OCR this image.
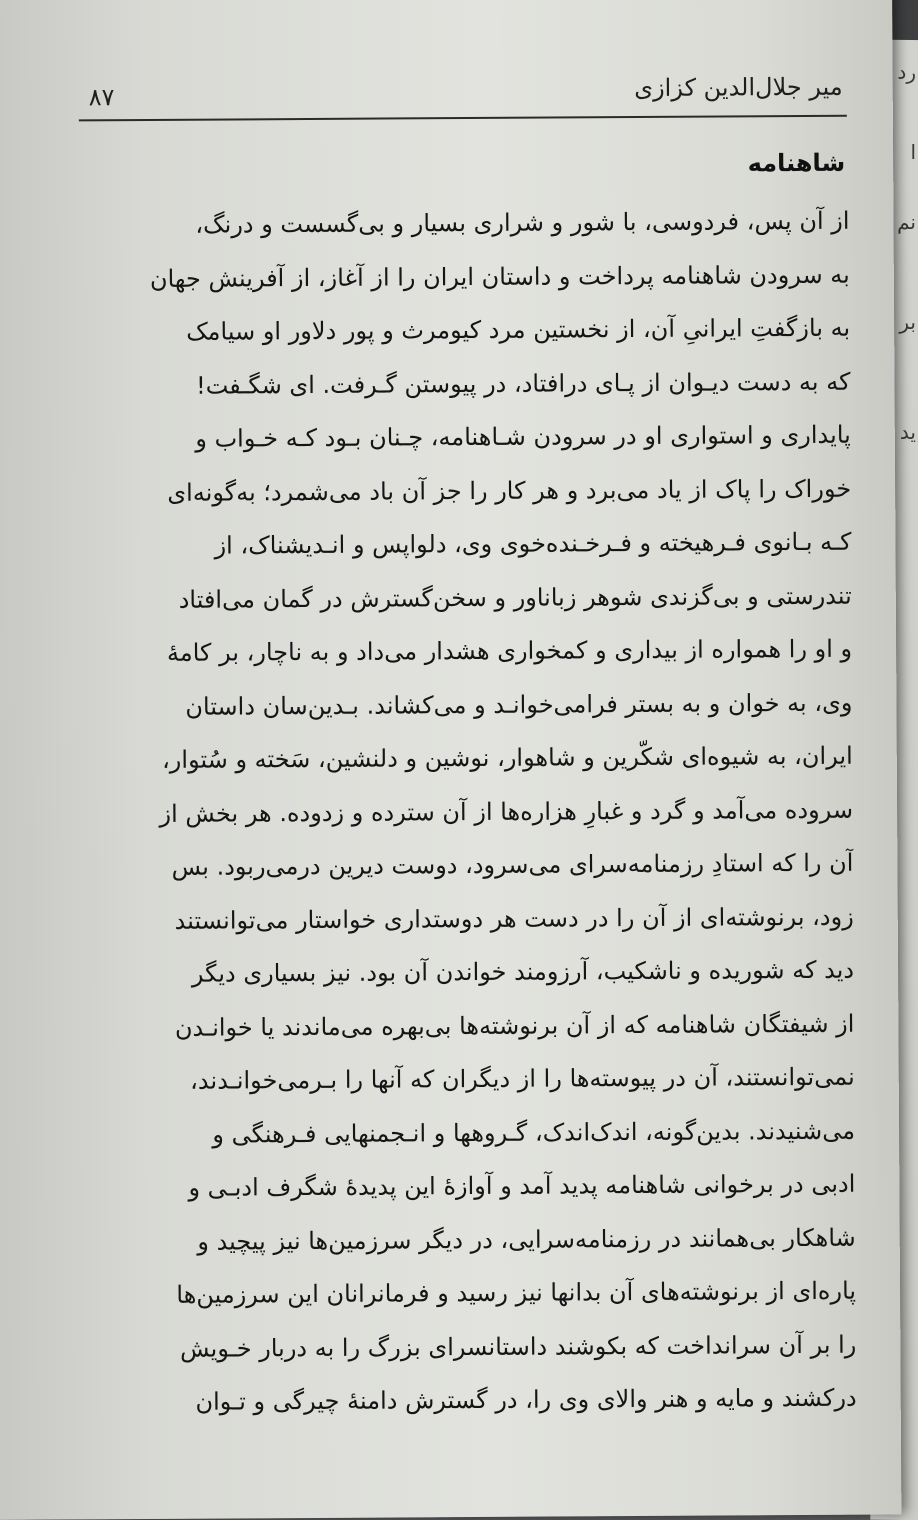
رد
ا
نم
بر
ید
۸۷	میر جلال‌الدین کزازی
شاهنامه
از آن پس، فردوسی، با شور و شراری بسیار و بی‌گسست و درنگ،
به سرودن شاهنامه پرداخت و داستان ایران را از آغاز، از آفرینش جهان
به بازگفتِ ایرانیِ آن، از نخستین مرد کیومرث و پور دلاور او سیامک
که به دست دیـوان از پـای درافتاد، در پیوستن گـرفت. ای شگـفت!
پایداری و استواری او در سرودن شـاهنامه، چـنان بـود کـه خـواب و
خوراک را پاک از یاد می‌برد و هر کار را جز آن باد می‌شمرد؛ به‌گونه‌ای
کـه بـانوی فـرهیخته و فـرخـنده‌خوی وی، دلواپس و انـدیشناک، از
تندرستی و بی‌گزندی شوهر زباناور و سخن‌گسترش در گمان می‌افتاد
و او را همواره از بیداری و کمخواری هشدار می‌داد و به ناچار، بر کامهٔ
وی، به خوان و به بستر فرامی‌خوانـد و می‌کشاند. بـدین‌سان داستان
ایران، به شیوه‌ای شکّرین و شاهوار، نوشین و دلنشین، سَخته و سُتوار،
سروده می‌آمد و گرد و غبارِ هزاره‌ها از آن سترده و زدوده. هر بخش از
آن را که استادِ رزمنامه‌سرای می‌سرود، دوست دیرین درمی‌ربود. بس
زود، برنوشته‌ای از آن را در دست هر دوستداری خواستار می‌توانستند
دید که شوریده و ناشکیب، آرزومند خواندن آن بود. نیز بسیاری دیگر
از شیفتگان شاهنامه که از آن برنوشته‌ها بی‌بهره می‌ماندند یا خوانـدن
نمی‌توانستند، آن در پیوسته‌ها را از دیگران که آنها را بـرمی‌خوانـدند،
می‌شنیدند. بدین‌گونه، اندک‌اندک، گـروهها و انـجمنهایی فـرهنگی و
ادبی در برخوانی شاهنامه پدید آمد و آوازهٔ این پدیدهٔ شگرف ادبـی و
شاهکار بی‌همانند در رزمنامه‌سرایی، در دیگر سرزمین‌ها نیز پیچید و
پاره‌ای از برنوشته‌های آن بدانها نیز رسید و فرمانرانان این سرزمین‌ها
را بر آن سرانداخت که بکوشند داستانسرای بزرگ را به دربار خـویش
درکشند و مایه و هنر والای وی را، در گسترش دامنهٔ چیرگی و تـوان
